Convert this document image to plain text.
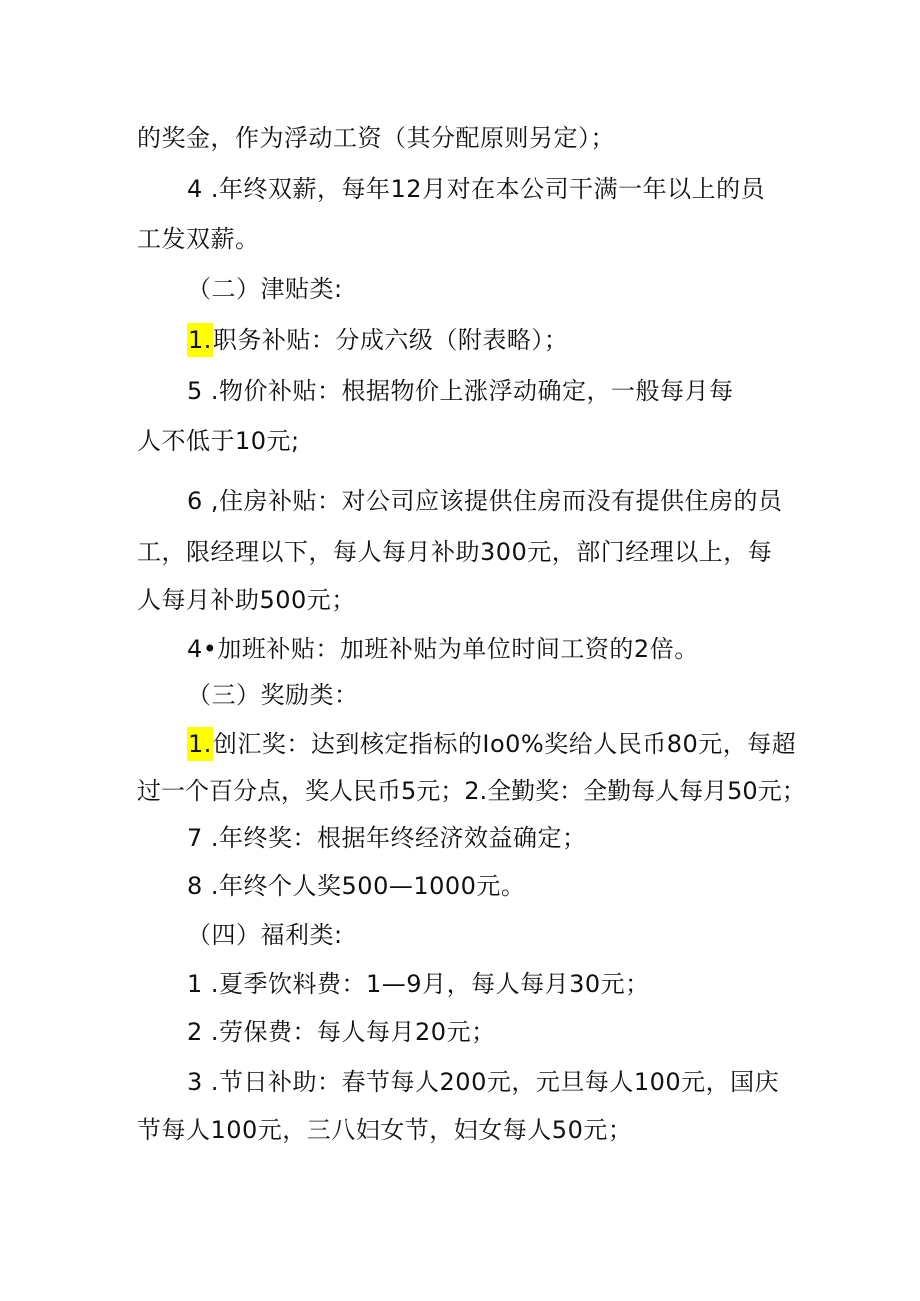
的奖金，作为浮动工资（其分配原则另定）；
4 .年终双薪，每年12月对在本公司干满一年以上的员
工发双薪。
（二）津贴类:
1.职务补贴：分成六级（附表略）；
5 .物价补贴：根据物价上涨浮动确定，一般每月每
人不低于10元;
6 ,住房补贴：对公司应该提供住房而没有提供住房的员
工，限经理以下，每人每月补助300元，部门经理以上，每
人每月补助500元；
4•加班补贴：加班补贴为单位时间工资的2倍。
（三）奖励类：
1.创汇奖：达到核定指标的Io0%奖给人民币80元，每超
过一个百分点，奖人民币5元；2.全勤奖：全勤每人每月50元；
7 .年终奖：根据年终经济效益确定；
8 .年终个人奖500—1000元。
（四）福利类:
1 .夏季饮料费：1—9月，每人每月30元；
2 .劳保费：每人每月20元；
3 .节日补助：春节每人200元，元旦每人100元，国庆
节每人100元，三八妇女节，妇女每人50元；
